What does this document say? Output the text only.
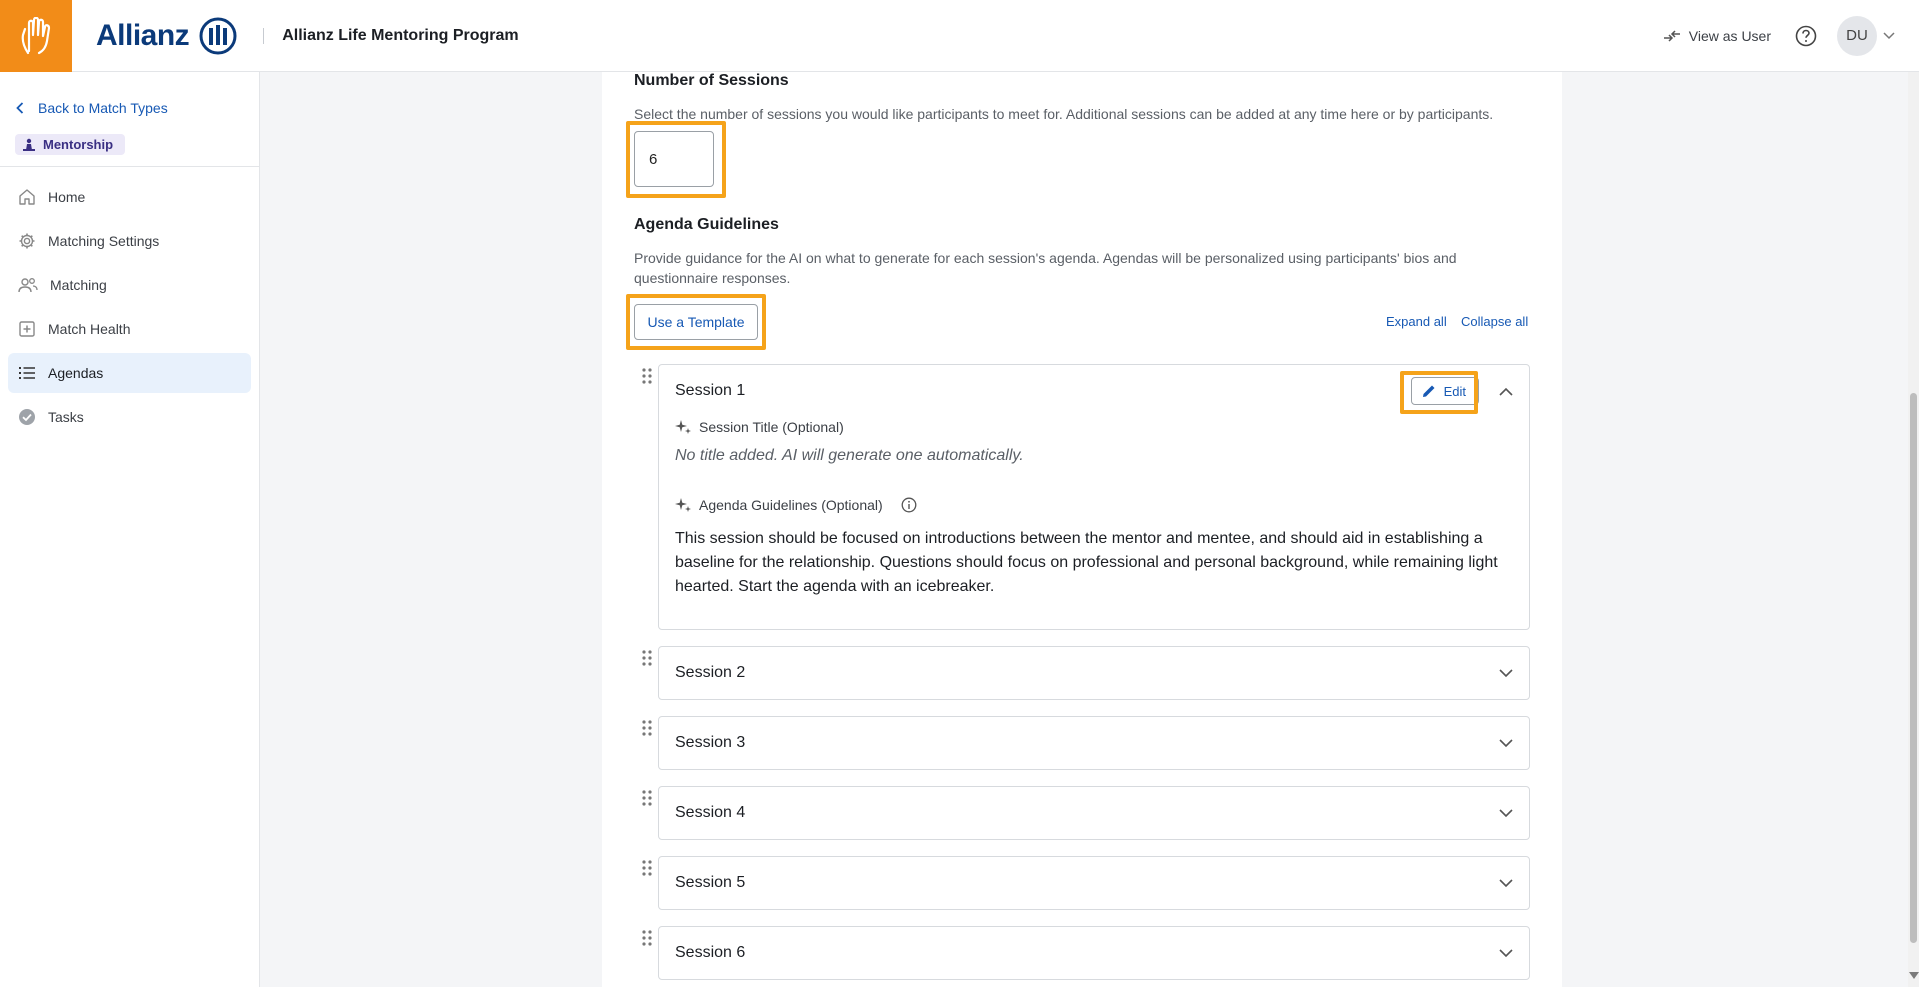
Allianz	Allianz Life Mentoring Program	View as User	DU
Back to Match Types
Mentorship
Home
Matching Settings
Matching
Match Health
Agendas
Tasks
Number of Sessions
Select the number of sessions you would like participants to meet for. Additional sessions can be added at any time here or by participants.
6
Agenda Guidelines
Provide guidance for the AI on what to generate for each session's agenda. Agendas will be personalized using participants' bios and questionnaire responses.
Use a Template	Expand all Collapse all
Session 1	Edit
Session Title (Optional)
No title added. AI will generate one automatically.
Agenda Guidelines (Optional)
This session should be focused on introductions between the mentor and mentee, and should aid in establishing a baseline for the relationship. Questions should focus on professional and personal background, while remaining light hearted. Start the agenda with an icebreaker.
Session 2
Session 3
Session 4
Session 5
Session 6
